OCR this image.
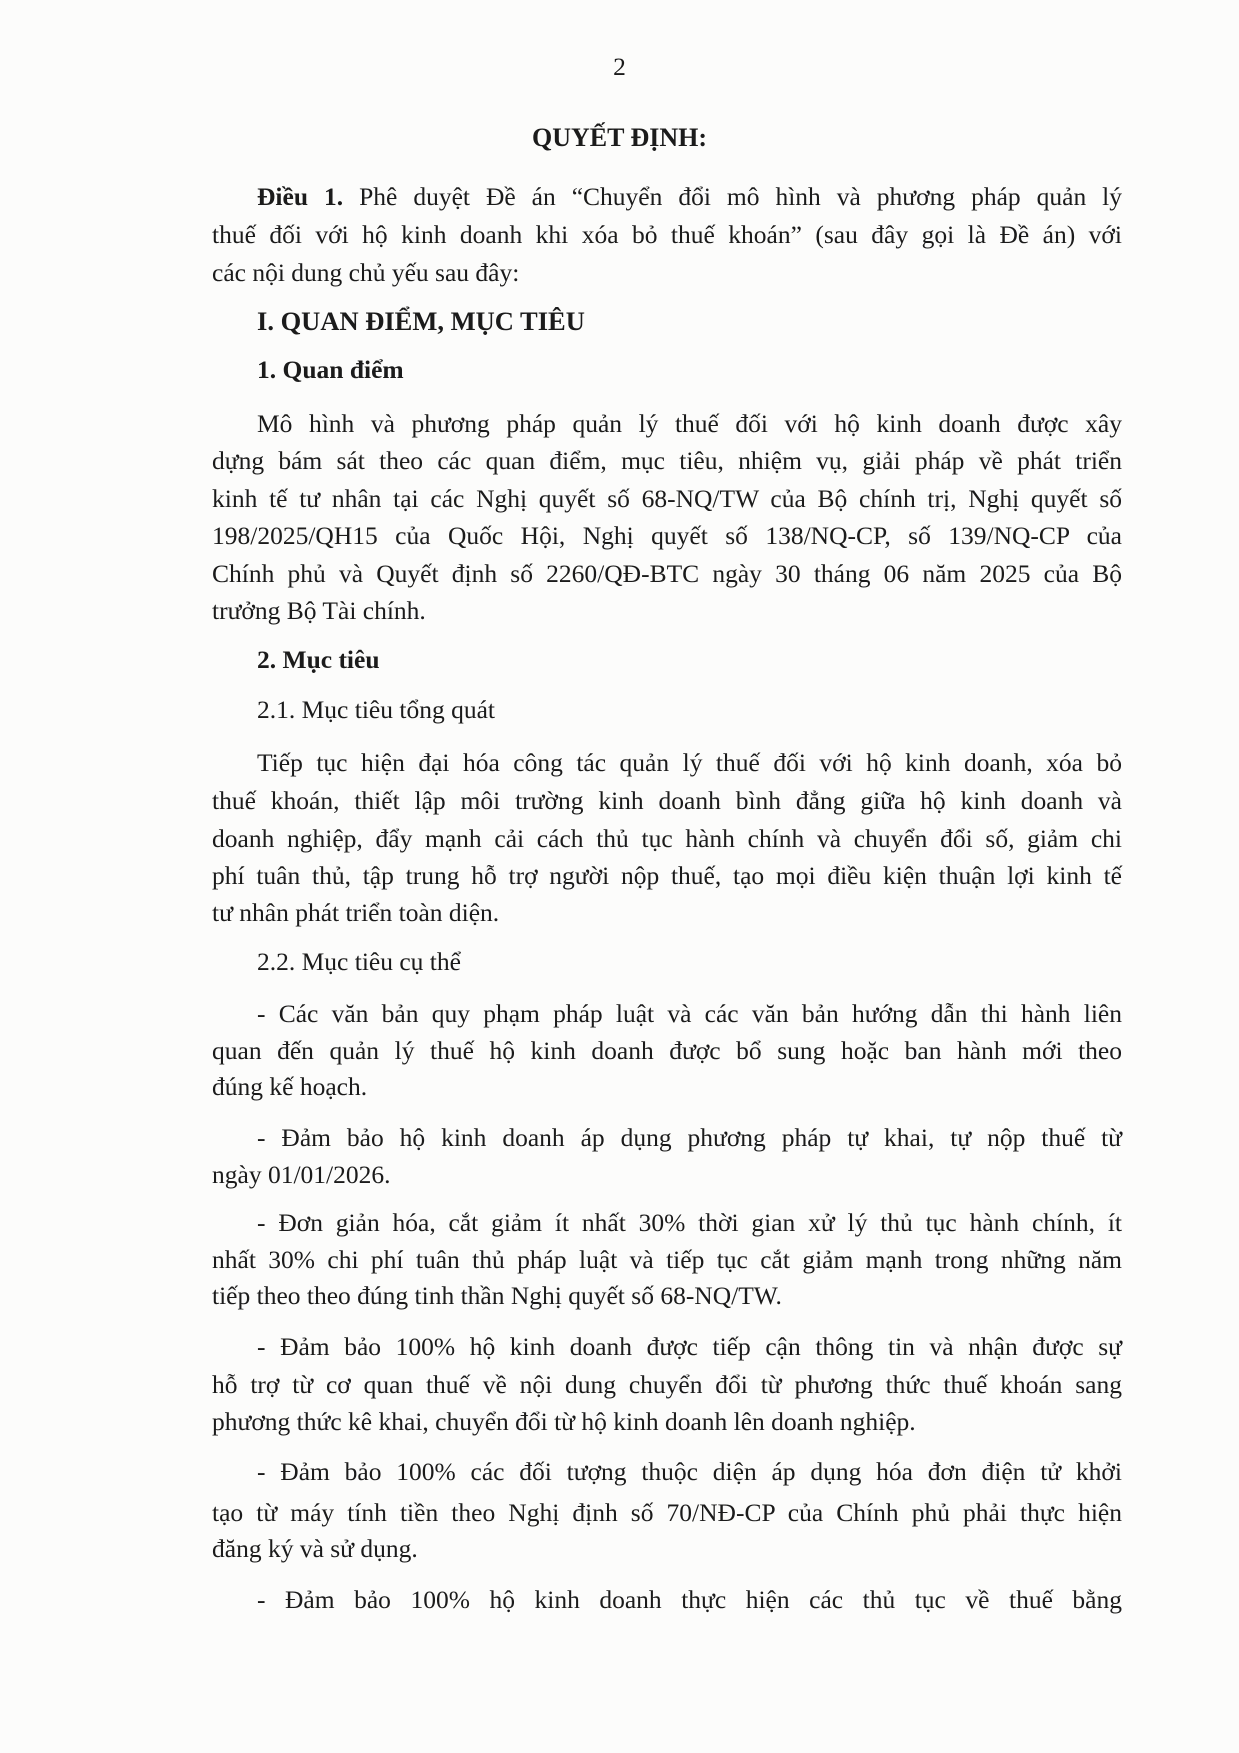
2
QUYẾT ĐỊNH:
Điều 1. Phê duyệt Đề án “Chuyển đổi mô hình và phương pháp quản lý
thuế đối với hộ kinh doanh khi xóa bỏ thuế khoán” (sau đây gọi là Đề án) với
các nội dung chủ yếu sau đây:
I. QUAN ĐIỂM, MỤC TIÊU
1. Quan điểm
Mô hình và phương pháp quản lý thuế đối với hộ kinh doanh được xây
dựng bám sát theo các quan điểm, mục tiêu, nhiệm vụ, giải pháp về phát triển
kinh tế tư nhân tại các Nghị quyết số 68-NQ/TW của Bộ chính trị, Nghị quyết số
198/2025/QH15 của Quốc Hội, Nghị quyết số 138/NQ-CP, số 139/NQ-CP của
Chính phủ và Quyết định số 2260/QĐ-BTC ngày 30 tháng 06 năm 2025 của Bộ
trưởng Bộ Tài chính.
2. Mục tiêu
2.1. Mục tiêu tổng quát
Tiếp tục hiện đại hóa công tác quản lý thuế đối với hộ kinh doanh, xóa bỏ
thuế khoán, thiết lập môi trường kinh doanh bình đẳng giữa hộ kinh doanh và
doanh nghiệp, đẩy mạnh cải cách thủ tục hành chính và chuyển đổi số, giảm chi
phí tuân thủ, tập trung hỗ trợ người nộp thuế, tạo mọi điều kiện thuận lợi kinh tế
tư nhân phát triển toàn diện.
2.2. Mục tiêu cụ thể
- Các văn bản quy phạm pháp luật và các văn bản hướng dẫn thi hành liên
quan đến quản lý thuế hộ kinh doanh được bổ sung hoặc ban hành mới theo
đúng kế hoạch.
- Đảm bảo hộ kinh doanh áp dụng phương pháp tự khai, tự nộp thuế từ
ngày 01/01/2026.
- Đơn giản hóa, cắt giảm ít nhất 30% thời gian xử lý thủ tục hành chính, ít
nhất 30% chi phí tuân thủ pháp luật và tiếp tục cắt giảm mạnh trong những năm
tiếp theo theo đúng tinh thần Nghị quyết số 68-NQ/TW.
- Đảm bảo 100% hộ kinh doanh được tiếp cận thông tin và nhận được sự
hỗ trợ từ cơ quan thuế về nội dung chuyển đổi từ phương thức thuế khoán sang
phương thức kê khai, chuyển đổi từ hộ kinh doanh lên doanh nghiệp.
- Đảm bảo 100% các đối tượng thuộc diện áp dụng hóa đơn điện tử khởi
tạo từ máy tính tiền theo Nghị định số 70/NĐ-CP của Chính phủ phải thực hiện
đăng ký và sử dụng.
- Đảm bảo 100% hộ kinh doanh thực hiện các thủ tục về thuế bằng
